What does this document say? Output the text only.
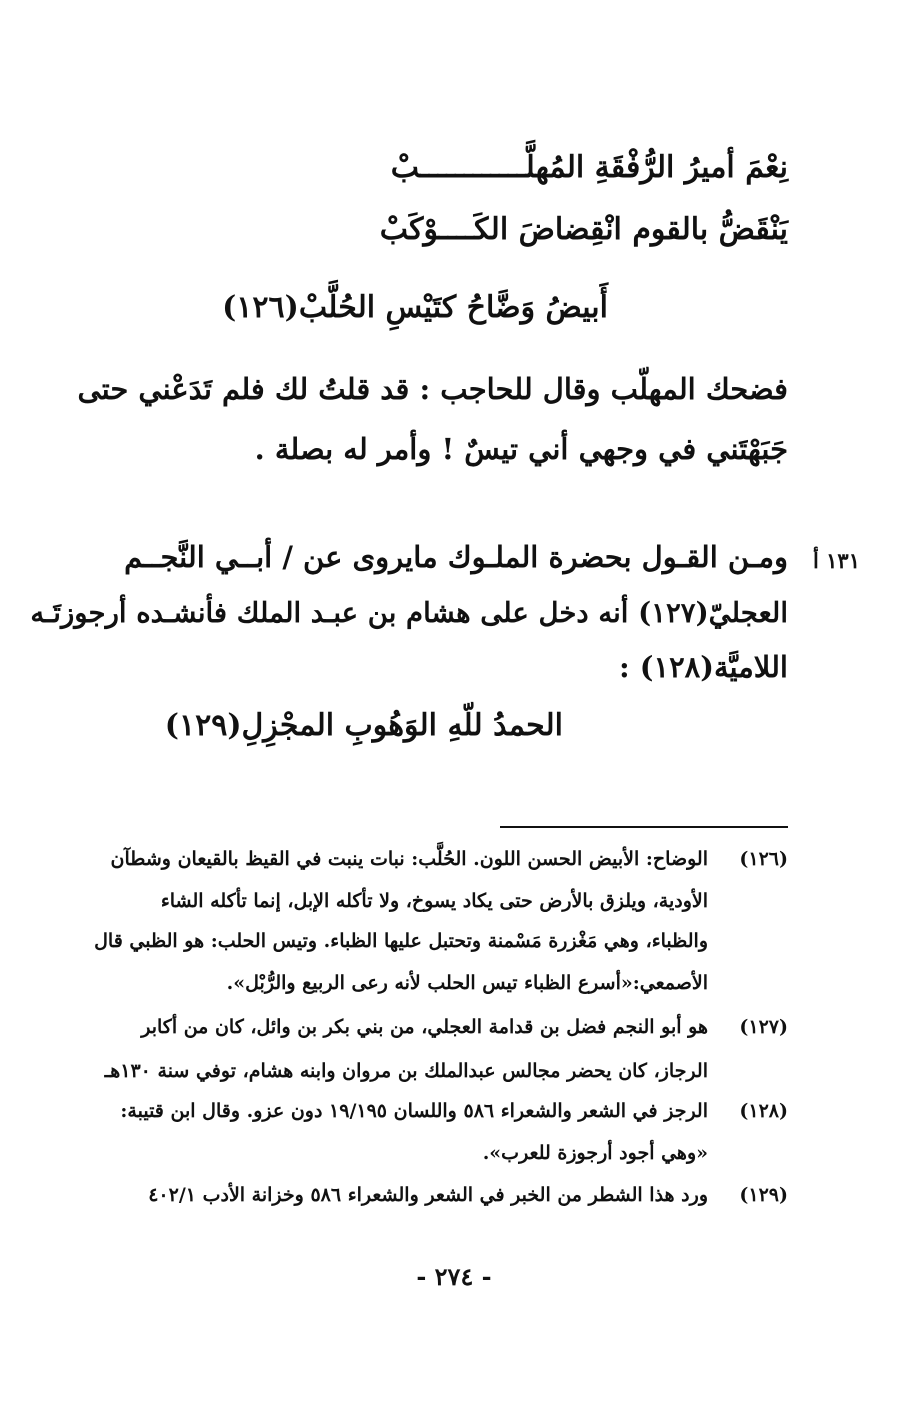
نِعْمَ أميرُ الرُّفْقَةِ المُهلَّــــــــــــبْ
يَنْقَضُّ بالقوم انْقِضاضَ الكَــــوْكَبْ
أَبيضُ وَضَّاحُ كتَيْسِ الحُلَّبْ(١٢٦)
فضحك المهلّب وقال للحاجب : قد قلتُ لك فلم تَدَعْني حتى
جَبَهْتَني في وجهي أني تيسٌ ! وأمر له بصلة .
١٣١ أ
ومـن القـول بحضرة الملـوك مايروى عن / أبــي النَّجــم
العجليّ(١٢٧) أنه دخل على هشام بن عبـد الملك فأنشـده أرجوزتَـه
اللاميَّة(١٢٨) :
الحمدُ للّهِ الوَهُوبِ المجْزِلِ(١٢٩)
(١٢٦)
الوضاح: الأبيض الحسن اللون. الحُلَّب: نبات ينبت في القيظ بالقيعان وشطآن
الأودية، ويلزق بالأرض حتى يكاد يسوخ، ولا تأكله الإبل، إنما تأكله الشاء
والظباء، وهي مَغْزرة مَسْمنة وتحتبل عليها الظباء. وتيس الحلب: هو الظبي قال
الأصمعي:«أسرع الظباء تيس الحلب لأنه رعى الربيع والرُّبْل».
(١٢٧)
هو أبو النجم فضل بن قدامة العجلي، من بني بكر بن وائل، كان من أكابر
الرجاز، كان يحضر مجالس عبدالملك بن مروان وابنه هشام، توفي سنة ١٣٠هـ
(١٢٨)
الرجز في الشعر والشعراء ٥٨٦ واللسان ١٩/١٩٥ دون عزو. وقال ابن قتيبة:
«وهي أجود أرجوزة للعرب».
(١٢٩)
ورد هذا الشطر من الخبر في الشعر والشعراء ٥٨٦ وخزانة الأدب ٤٠٢/١
- ٢٧٤ -
